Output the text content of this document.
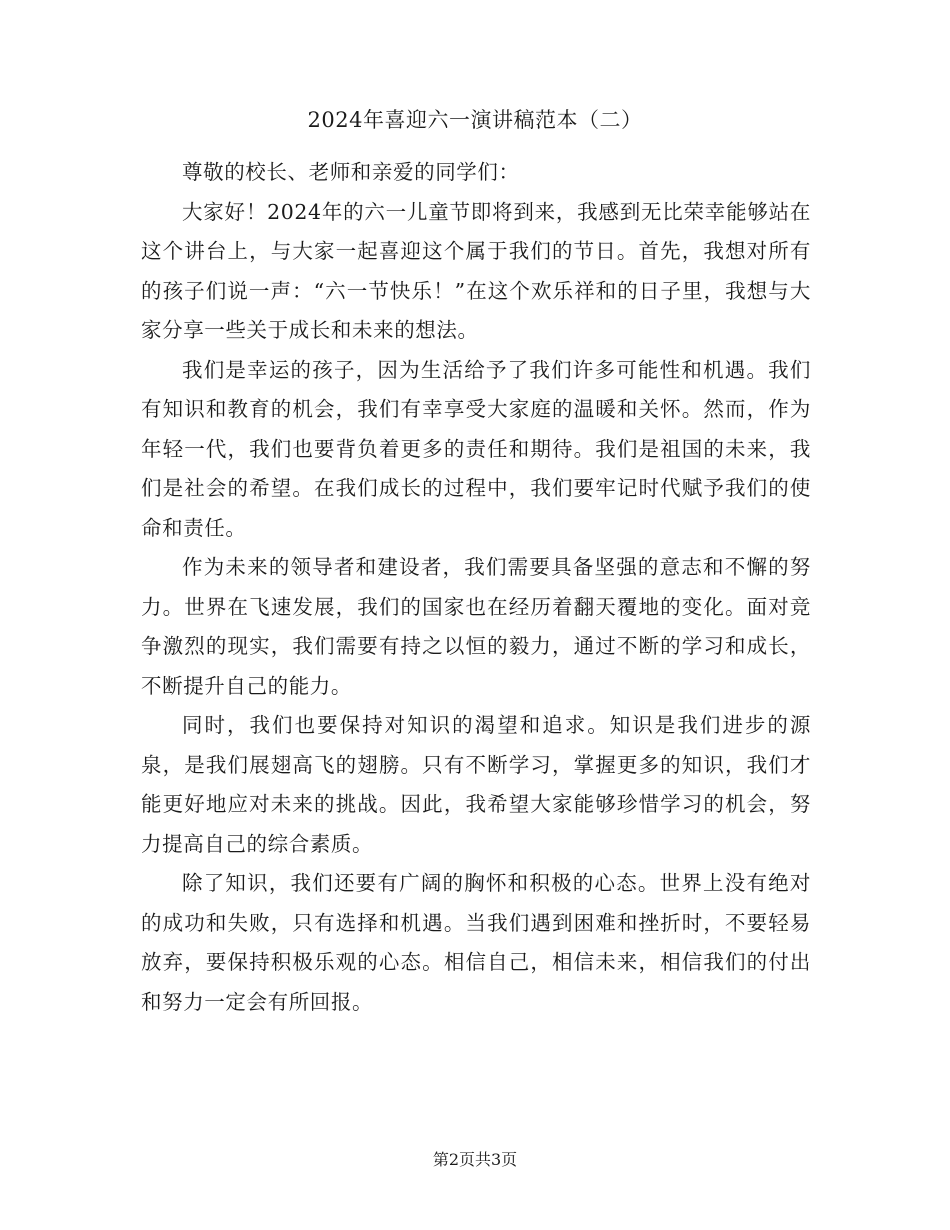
2024年喜迎六一演讲稿范本（二）

尊敬的校长、老师和亲爱的同学们：

大家好！2024年的六一儿童节即将到来，我感到无比荣幸能够站在这个讲台上，与大家一起喜迎这个属于我们的节日。首先，我想对所有的孩子们说一声：“六一节快乐！”在这个欢乐祥和的日子里，我想与大家分享一些关于成长和未来的想法。

我们是幸运的孩子，因为生活给予了我们许多可能性和机遇。我们有知识和教育的机会，我们有幸享受大家庭的温暖和关怀。然而，作为年轻一代，我们也要背负着更多的责任和期待。我们是祖国的未来，我们是社会的希望。在我们成长的过程中，我们要牢记时代赋予我们的使命和责任。

作为未来的领导者和建设者，我们需要具备坚强的意志和不懈的努力。世界在飞速发展，我们的国家也在经历着翻天覆地的变化。面对竞争激烈的现实，我们需要有持之以恒的毅力，通过不断的学习和成长，不断提升自己的能力。

同时，我们也要保持对知识的渴望和追求。知识是我们进步的源泉，是我们展翅高飞的翅膀。只有不断学习，掌握更多的知识，我们才能更好地应对未来的挑战。因此，我希望大家能够珍惜学习的机会，努力提高自己的综合素质。

除了知识，我们还要有广阔的胸怀和积极的心态。世界上没有绝对的成功和失败，只有选择和机遇。当我们遇到困难和挫折时，不要轻易放弃，要保持积极乐观的心态。相信自己，相信未来，相信我们的付出和努力一定会有所回报。

第2页共3页
